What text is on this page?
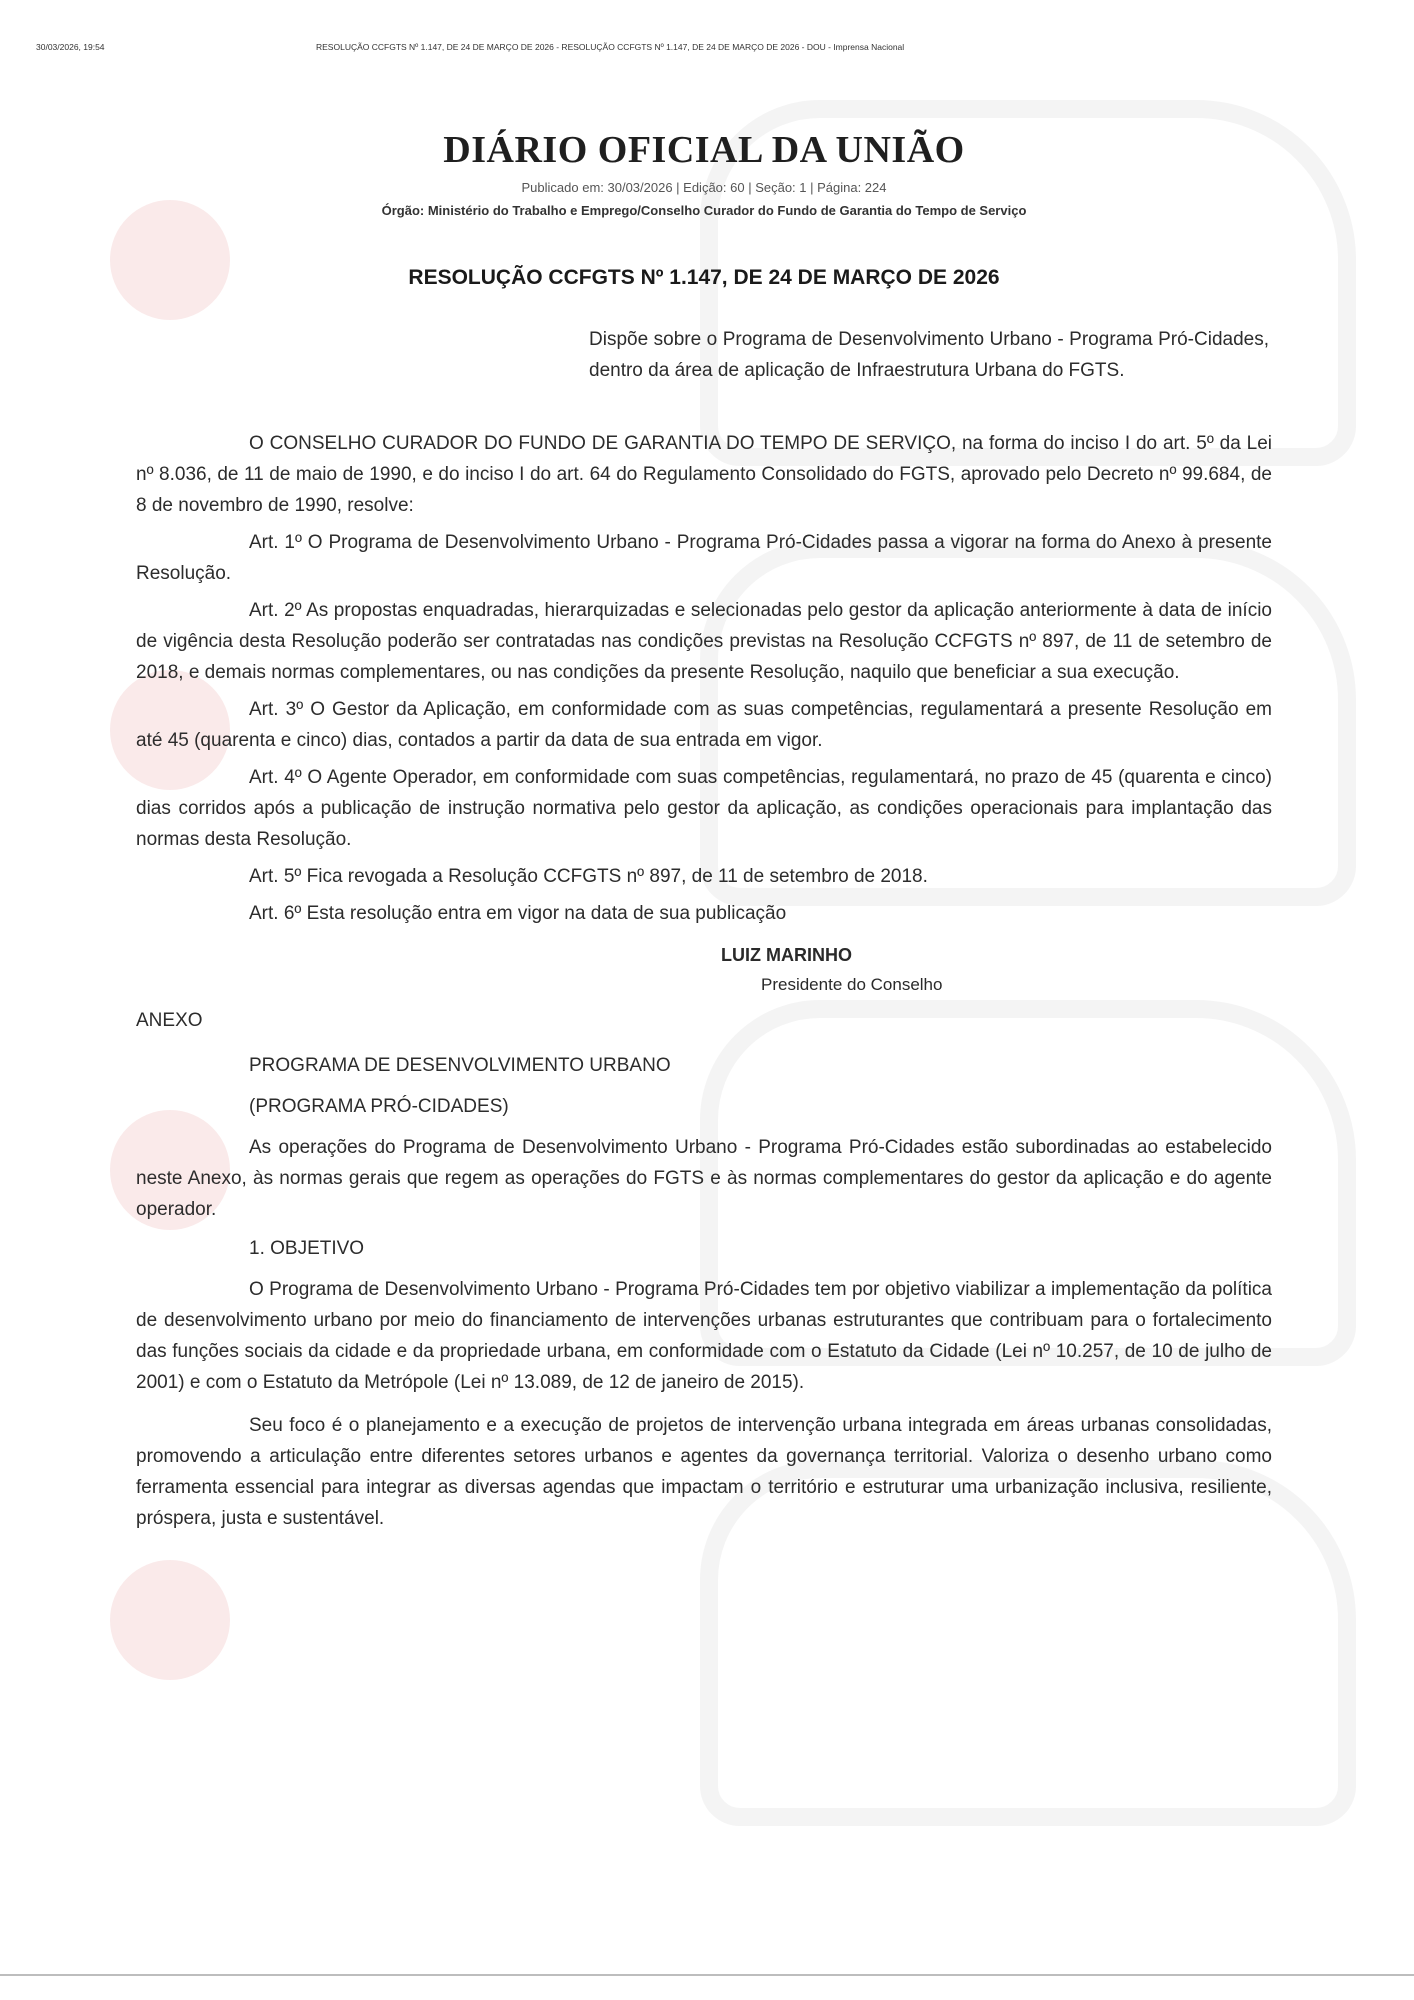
30/03/2026, 19:54	RESOLUÇÃO CCFGTS Nº 1.147, DE 24 DE MARÇO DE 2026 - RESOLUÇÃO CCFGTS Nº 1.147, DE 24 DE MARÇO DE 2026 - DOU - Imprensa Nacional
DIÁRIO OFICIAL DA UNIÃO
Publicado em: 30/03/2026 | Edição: 60 | Seção: 1 | Página: 224
Órgão: Ministério do Trabalho e Emprego/Conselho Curador do Fundo de Garantia do Tempo de Serviço
RESOLUÇÃO CCFGTS Nº 1.147, DE 24 DE MARÇO DE 2026
Dispõe sobre o Programa de Desenvolvimento Urbano - Programa Pró-Cidades, dentro da área de aplicação de Infraestrutura Urbana do FGTS.

O CONSELHO CURADOR DO FUNDO DE GARANTIA DO TEMPO DE SERVIÇO, na forma do inciso I do art. 5º da Lei nº 8.036, de 11 de maio de 1990, e do inciso I do art. 64 do Regulamento Consolidado do FGTS, aprovado pelo Decreto nº 99.684, de 8 de novembro de 1990, resolve:

Art. 1º O Programa de Desenvolvimento Urbano - Programa Pró-Cidades passa a vigorar na forma do Anexo à presente Resolução.

Art. 2º As propostas enquadradas, hierarquizadas e selecionadas pelo gestor da aplicação anteriormente à data de início de vigência desta Resolução poderão ser contratadas nas condições previstas na Resolução CCFGTS nº 897, de 11 de setembro de 2018, e demais normas complementares, ou nas condições da presente Resolução, naquilo que beneficiar a sua execução.

Art. 3º O Gestor da Aplicação, em conformidade com as suas competências, regulamentará a presente Resolução em até 45 (quarenta e cinco) dias, contados a partir da data de sua entrada em vigor.

Art. 4º O Agente Operador, em conformidade com suas competências, regulamentará, no prazo de 45 (quarenta e cinco) dias corridos após a publicação de instrução normativa pelo gestor da aplicação, as condições operacionais para implantação das normas desta Resolução.

Art. 5º Fica revogada a Resolução CCFGTS nº 897, de 11 de setembro de 2018.

Art. 6º Esta resolução entra em vigor na data de sua publicação

LUIZ MARINHO
Presidente do Conselho
ANEXO
PROGRAMA DE DESENVOLVIMENTO URBANO
(PROGRAMA PRÓ-CIDADES)

As operações do Programa de Desenvolvimento Urbano - Programa Pró-Cidades estão subordinadas ao estabelecido neste Anexo, às normas gerais que regem as operações do FGTS e às normas complementares do gestor da aplicação e do agente operador.

1. OBJETIVO

O Programa de Desenvolvimento Urbano - Programa Pró-Cidades tem por objetivo viabilizar a implementação da política de desenvolvimento urbano por meio do financiamento de intervenções urbanas estruturantes que contribuam para o fortalecimento das funções sociais da cidade e da propriedade urbana, em conformidade com o Estatuto da Cidade (Lei nº 10.257, de 10 de julho de 2001) e com o Estatuto da Metrópole (Lei nº 13.089, de 12 de janeiro de 2015).

Seu foco é o planejamento e a execução de projetos de intervenção urbana integrada em áreas urbanas consolidadas, promovendo a articulação entre diferentes setores urbanos e agentes da governança territorial. Valoriza o desenho urbano como ferramenta essencial para integrar as diversas agendas que impactam o território e estruturar uma urbanização inclusiva, resiliente, próspera, justa e sustentável.
